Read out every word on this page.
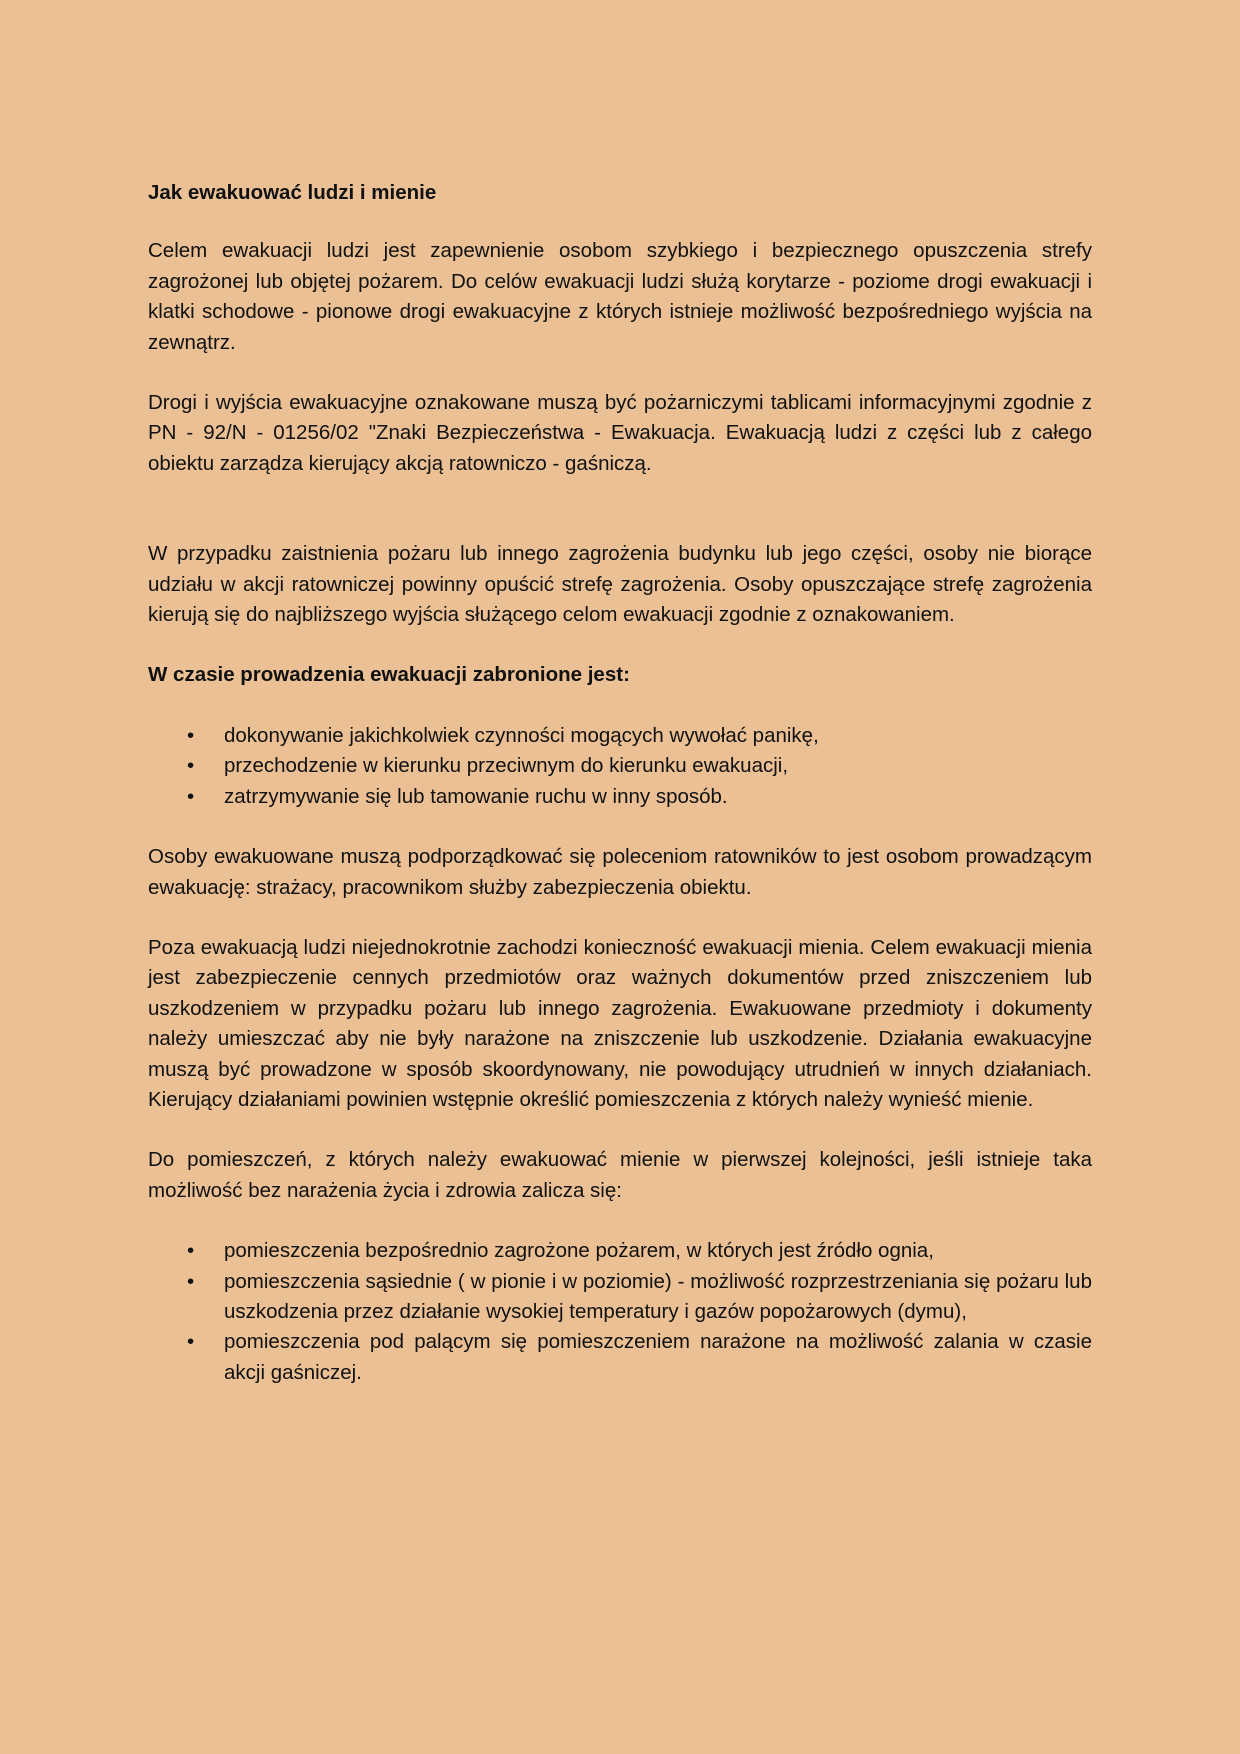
Jak ewakuować ludzi i mienie

Celem ewakuacji ludzi jest zapewnienie osobom szybkiego i bezpiecznego opuszczenia strefy zagrożonej lub objętej pożarem. Do celów ewakuacji ludzi służą korytarze - poziome drogi ewakuacji i klatki schodowe - pionowe drogi ewakuacyjne z których istnieje możliwość bezpośredniego wyjścia na zewnątrz.

Drogi i wyjścia ewakuacyjne oznakowane muszą być pożarniczymi tablicami informacyjnymi zgodnie z PN - 92/N - 01256/02 "Znaki Bezpieczeństwa - Ewakuacja. Ewakuacją ludzi z części lub z całego obiektu zarządza kierujący akcją ratowniczo - gaśniczą.

W przypadku zaistnienia pożaru lub innego zagrożenia budynku lub jego części, osoby nie biorące udziału w akcji ratowniczej powinny opuścić strefę zagrożenia. Osoby opuszczające strefę zagrożenia kierują się do najbliższego wyjścia służącego celom ewakuacji zgodnie z oznakowaniem.

W czasie prowadzenia ewakuacji zabronione jest:

• dokonywanie jakichkolwiek czynności mogących wywołać panikę,
• przechodzenie w kierunku przeciwnym do kierunku ewakuacji,
• zatrzymywanie się lub tamowanie ruchu w inny sposób.

Osoby ewakuowane muszą podporządkować się poleceniom ratowników to jest osobom prowadzącym ewakuację: strażacy, pracownikom służby zabezpieczenia obiektu.

Poza ewakuacją ludzi niejednokrotnie zachodzi konieczność ewakuacji mienia. Celem ewakuacji mienia jest zabezpieczenie cennych przedmiotów oraz ważnych dokumentów przed zniszczeniem lub uszkodzeniem w przypadku pożaru lub innego zagrożenia. Ewakuowane przedmioty i dokumenty należy umieszczać aby nie były narażone na zniszczenie lub uszkodzenie. Działania ewakuacyjne muszą być prowadzone w sposób skoordynowany, nie powodujący utrudnień w innych działaniach. Kierujący działaniami powinien wstępnie określić pomieszczenia z których należy wynieść mienie.

Do pomieszczeń, z których należy ewakuować mienie w pierwszej kolejności, jeśli istnieje taka możliwość bez narażenia życia i zdrowia zalicza się:

• pomieszczenia bezpośrednio zagrożone pożarem, w których jest źródło ognia,
• pomieszczenia sąsiednie ( w pionie i w poziomie) - możliwość rozprzestrzeniania się pożaru lub uszkodzenia przez działanie wysokiej temperatury i gazów popożarowych (dymu),
• pomieszczenia pod palącym się pomieszczeniem narażone na możliwość zalania w czasie akcji gaśniczej.
